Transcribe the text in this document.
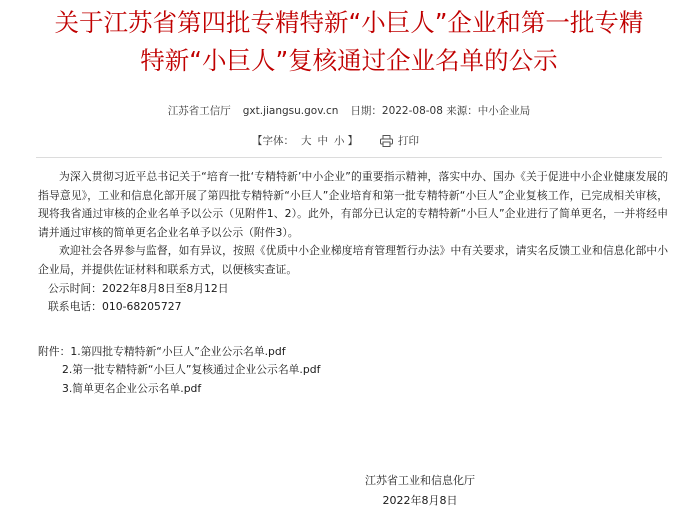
关于江苏省第四批专精特新“小巨人”企业和第一批专精
特新“小巨人”复核通过企业名单的公示
江苏省工信厅 gxt.jiangsu.gov.cn 日期：2022-08-08 来源：中小企业局
【字体： 大 中 小 】	打印

为深入贯彻习近平总书记关于“培育一批‘专精特新’中小企业”的重要指示精神，落实中办、国办《关于促进中小企业健康发展的指导意见》，工业和信息化部开展了第四批专精特新“小巨人”企业培育和第一批专精特新“小巨人”企业复核工作，已完成相关审核，现将我省通过审核的企业名单予以公示（见附件1、2）。此外，有部分已认定的专精特新“小巨人”企业进行了简单更名，一并将经申请并通过审核的简单更名企业名单予以公示（附件3）。

欢迎社会各界参与监督，如有异议，按照《优质中小企业梯度培育管理暂行办法》中有关要求，请实名反馈工业和信息化部中小企业局，并提供佐证材料和联系方式，以便核实查证。

公示时间：2022年8月8日至8月12日

联系电话：010-68205727

附件：1.第四批专精特新“小巨人”企业公示名单.pdf

2.第一批专精特新“小巨人”复核通过企业公示名单.pdf

3.简单更名企业公示名单.pdf

江苏省工业和信息化厅
2022年8月8日
